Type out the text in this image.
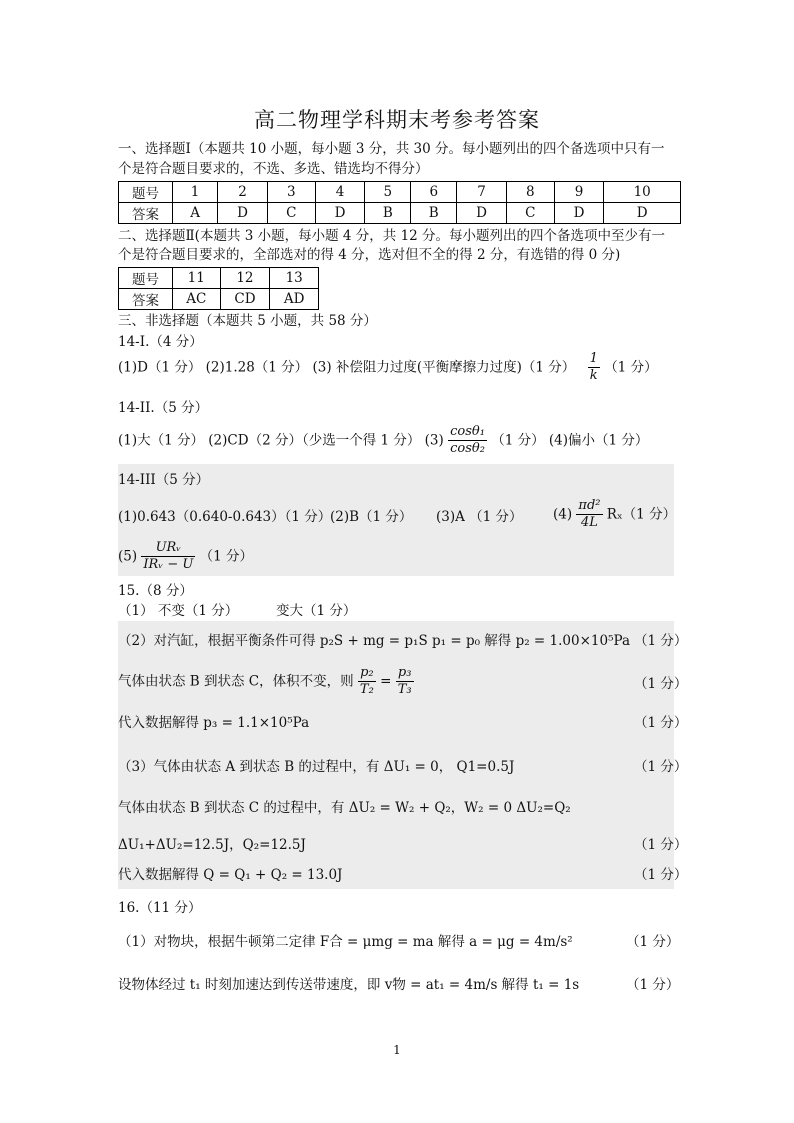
高二物理学科期末考参考答案
一、选择题Ⅰ（本题共 10 小题，每小题 3 分，共 30 分。每小题列出的四个备选项中只有一
个是符合题目要求的，不选、多选、错选均不得分）
题号	1	2	3	4	5	6	7	8	9	10
答案	A	D	C	D	B	B	D	C	D	D
二、选择题Ⅱ(本题共 3 小题，每小题 4 分，共 12 分。每小题列出的四个备选项中至少有一
个是符合题目要求的，全部选对的得 4 分，选对但不全的得 2 分，有选错的得 0 分)
题号	11	12	13
答案	AC	CD	AD
三、非选择题（本题共 5 小题，共 58 分）
14-I.（4 分）
(1)D（1 分） (2)1.28（1 分） (3) 补偿阻力过度(平衡摩擦力过度)（1 分） $\frac{1}{k} (1$ 分）
14-II.（5 分）
(1)大（1 分） (2)CD（2 分）（少选一个得 1 分） $(3) \frac{\text{cosθ₁}}{\text{cosθ₂}} (1$ 分） (4)偏小（1 分）
14-III（5 分）
(1)0.643（0.640-0.643）（1 分）
(2)B（1 分） (3)A （1 分） $(4) \frac{\text{πd²}}{4L} R_x(1$ 分）
$(5) \frac{\text{URᵥ}}{\text{IRᵥ − U}} (1$ 分）
15.（8 分）
（1） 不变（1 分）	变大（1 分）
（2）对汽缸，根据平衡条件可得 p₂S + mg = p₁S p₁ = p₀ 解得 p₂ = 1.00×10⁵Pa （1 分）
气体由状态 B 到状态 C，体积不变，则 $\frac{\text{p₂}}{\text{T₂}} = \frac{\text{p₃}}{\text{T₃}}$	（1 分）
代入数据解得 p₃ = 1.1×10⁵Pa	（1 分）
（3）气体由状态 A 到状态 B 的过程中，有 ΔU₁ = 0， Q1=0.5J	（1 分）
气体由状态 B 到状态 C 的过程中，有 ΔU₂ = W₂ + Q₂，W₂ = 0 ΔU₂=Q₂
ΔU₁+ΔU₂=12.5J，Q₂=12.5J	（1 分）
代入数据解得 Q = Q₁ + Q₂ = 13.0J	（1 分）
16.（11 分）
（1）对物块，根据牛顿第二定律 F合 = μmg = ma 解得 a = μg = 4m/s²	（1 分）
设物体经过 t₁ 时刻加速达到传送带速度，即 v物 = at₁ = 4m/s 解得 t₁ = 1s	（1 分）
1
